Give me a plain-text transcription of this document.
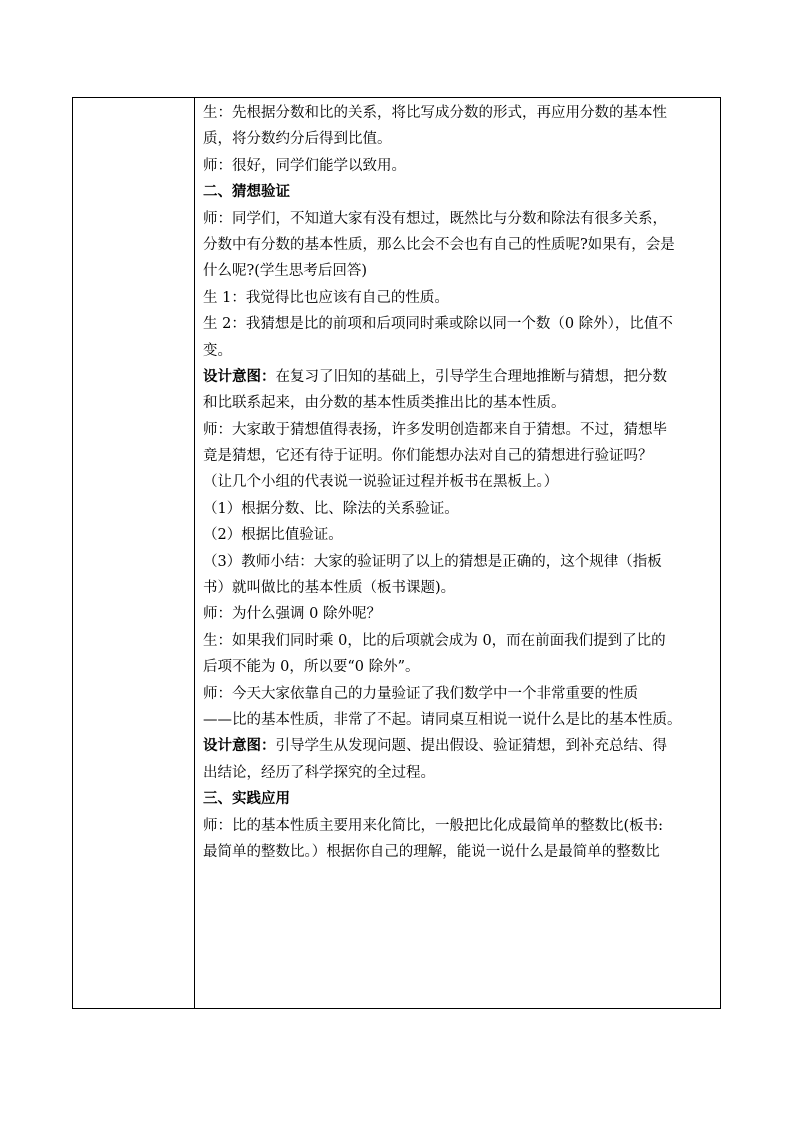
生：先根据分数和比的关系，将比写成分数的形式，再应用分数的基本性
质，将分数约分后得到比值。
师：很好，同学们能学以致用。
二、猜想验证
师：同学们，不知道大家有没有想过，既然比与分数和除法有很多关系，
分数中有分数的基本性质，那么比会不会也有自己的性质呢?如果有，会是
什么呢?(学生思考后回答)
生 1：我觉得比也应该有自己的性质。
生 2：我猜想是比的前项和后项同时乘或除以同一个数（0 除外），比值不
变。
设计意图：在复习了旧知的基础上，引导学生合理地推断与猜想，把分数
和比联系起来，由分数的基本性质类推出比的基本性质。
师：大家敢于猜想值得表扬，许多发明创造都来自于猜想。不过，猜想毕
竟是猜想，它还有待于证明。你们能想办法对自己的猜想进行验证吗？
（让几个小组的代表说一说验证过程并板书在黑板上。）
（1）根据分数、比、除法的关系验证。
（2）根据比值验证。
（3）教师小结：大家的验证明了以上的猜想是正确的，这个规律（指板
书）就叫做比的基本性质（板书课题)。
师：为什么强调 0 除外呢？
生：如果我们同时乘 0，比的后项就会成为 0，而在前面我们提到了比的
后项不能为 0，所以要“0 除外”。
师：今天大家依靠自己的力量验证了我们数学中一个非常重要的性质
——比的基本性质，非常了不起。请同桌互相说一说什么是比的基本性质。
设计意图：引导学生从发现问题、提出假设、验证猜想，到补充总结、得
出结论，经历了科学探究的全过程。
三、实践应用
师：比的基本性质主要用来化简比，一般把比化成最简单的整数比(板书:
最简单的整数比。）根据你自己的理解，能说一说什么是最简单的整数比
